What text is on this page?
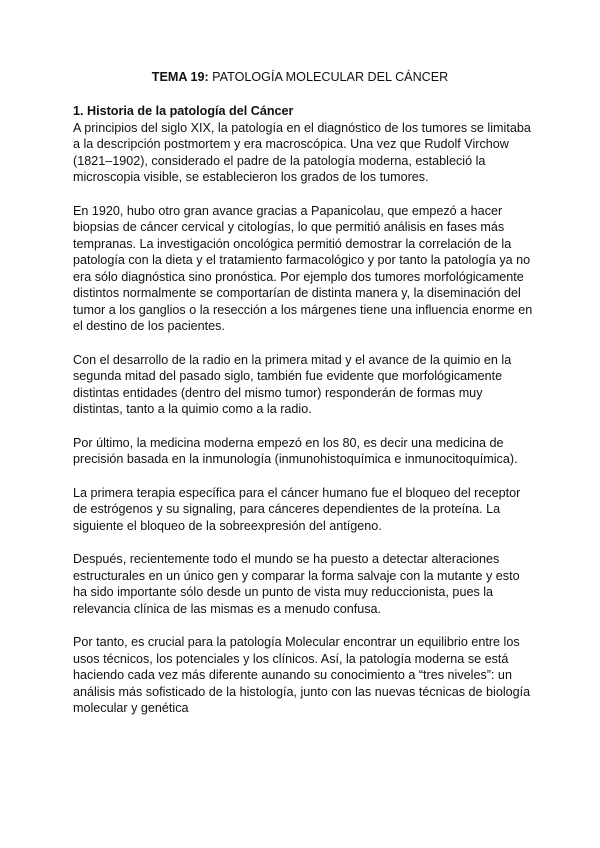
TEMA 19: PATOLOGÍA MOLECULAR DEL CÁNCER
1. Historia de la patología del Cáncer

A principios del siglo XIX, la patología en el diagnóstico de los tumores se limitaba a la descripción postmortem y era macroscópica. Una vez que Rudolf Virchow (1821–1902), considerado el padre de la patología moderna, estableció la microscopia visible, se establecieron los grados de los tumores.

En 1920, hubo otro gran avance gracias a Papanicolau, que empezó a hacer biopsias de cáncer cervical y citologías, lo que permitió análisis en fases más tempranas. La investigación oncológica permitió demostrar la correlación de la patología con la dieta y el tratamiento farmacológico y por tanto la patología ya no era sólo diagnóstica sino pronóstica. Por ejemplo dos tumores morfológicamente distintos normalmente se comportarían de distinta manera y, la diseminación del tumor a los ganglios o la resección a los márgenes tiene una influencia enorme en el destino de los pacientes.

Con el desarrollo de la radio en la primera mitad y el avance de la quimio en la segunda mitad del pasado siglo, también fue evidente que morfológicamente distintas entidades (dentro del mismo tumor) responderán de formas muy distintas, tanto a la quimio como a la radio.

Por último, la medicina moderna empezó en los 80, es decir una medicina de precisión basada en la inmunología (inmunohistoquímica e inmunocitoquímica).

La primera terapia específica para el cáncer humano fue el bloqueo del receptor de estrógenos y su signaling, para cánceres dependientes de la proteína. La siguiente el bloqueo de la sobreexpresión del antígeno.

Después, recientemente todo el mundo se ha puesto a detectar alteraciones estructurales en un único gen y comparar la forma salvaje con la mutante y esto ha sido importante sólo desde un punto de vista muy reduccionista, pues la relevancia clínica de las mismas es a menudo confusa.

Por tanto, es crucial para la patología Molecular encontrar un equilibrio entre los usos técnicos, los potenciales y los clínicos. Así, la patología moderna se está haciendo cada vez más diferente aunando su conocimiento a “tres niveles”: un análisis más sofisticado de la histología, junto con las nuevas técnicas de biología molecular y genética
